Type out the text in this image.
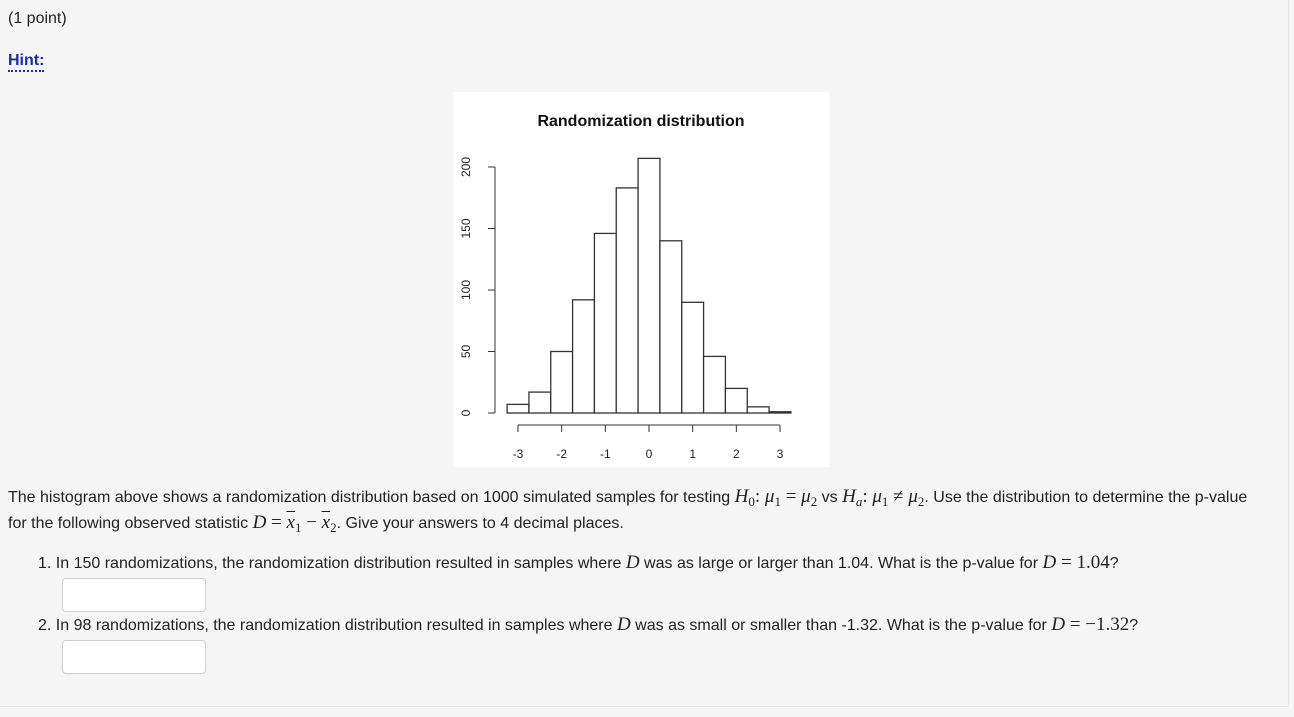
(1 point)
Hint:
Randomization distribution
0
50
100
150
200
-3	-2	-1	0	1	2	3
The histogram above shows a randomization distribution based on 1000 simulated samples for testing $H_0$: $\mu_1 = \mu_2$ vs $H_a$: $\mu_1 \ne \mu_2$. Use the distribution to determine the p-value for the following observed statistic $D = \overline{x}_1 - \overline{x}_2$. Give your answers to 4 decimal places.
1. In 150 randomizations, the randomization distribution resulted in samples where D was as large or larger than 1.04. What is the p-value for D = 1.04?
2. In 98 randomizations, the randomization distribution resulted in samples where D was as small or smaller than -1.32. What is the p-value for D = −1.32?
